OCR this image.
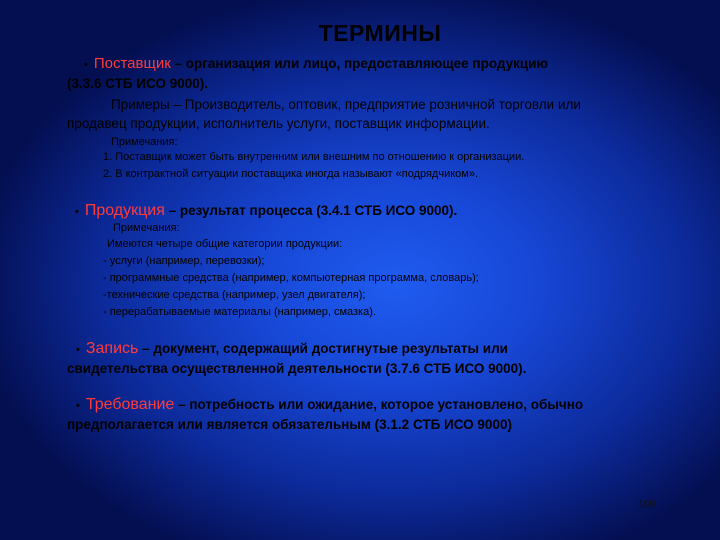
ТЕРМИНЫ
• Поставщик – организация или лицо, предоставляющее продукцию
(3.3.6 СТБ ИСО 9000).
Примеры – Производитель, оптовик, предприятие розничной торговли или
продавец продукции, исполнитель услуги, поставщик информации.
Примечания:
1. Поставщик может быть внутренним или внешним по отношению к организации.
2. В контрактной ситуации поставщика иногда называют «подрядчиком».
• Продукция – результат процесса (3.4.1 СТБ ИСО 9000).
Примечания:
Имеются четыре общие категории продукции:
- услуги (например, перевозки);
- программные средства (например, компьютерная программа, словарь);
-технические средства (например, узел двигателя);
- перерабатываемые материалы (например, смазка).
• Запись – документ, содержащий достигнутые результаты или
свидетельства осуществленной деятельности (3.7.6 СТБ ИСО 9000).
• Требование – потребность или ожидание, которое установлено, обычно
предполагается или является обязательным (3.1.2 СТБ ИСО 9000)
109
